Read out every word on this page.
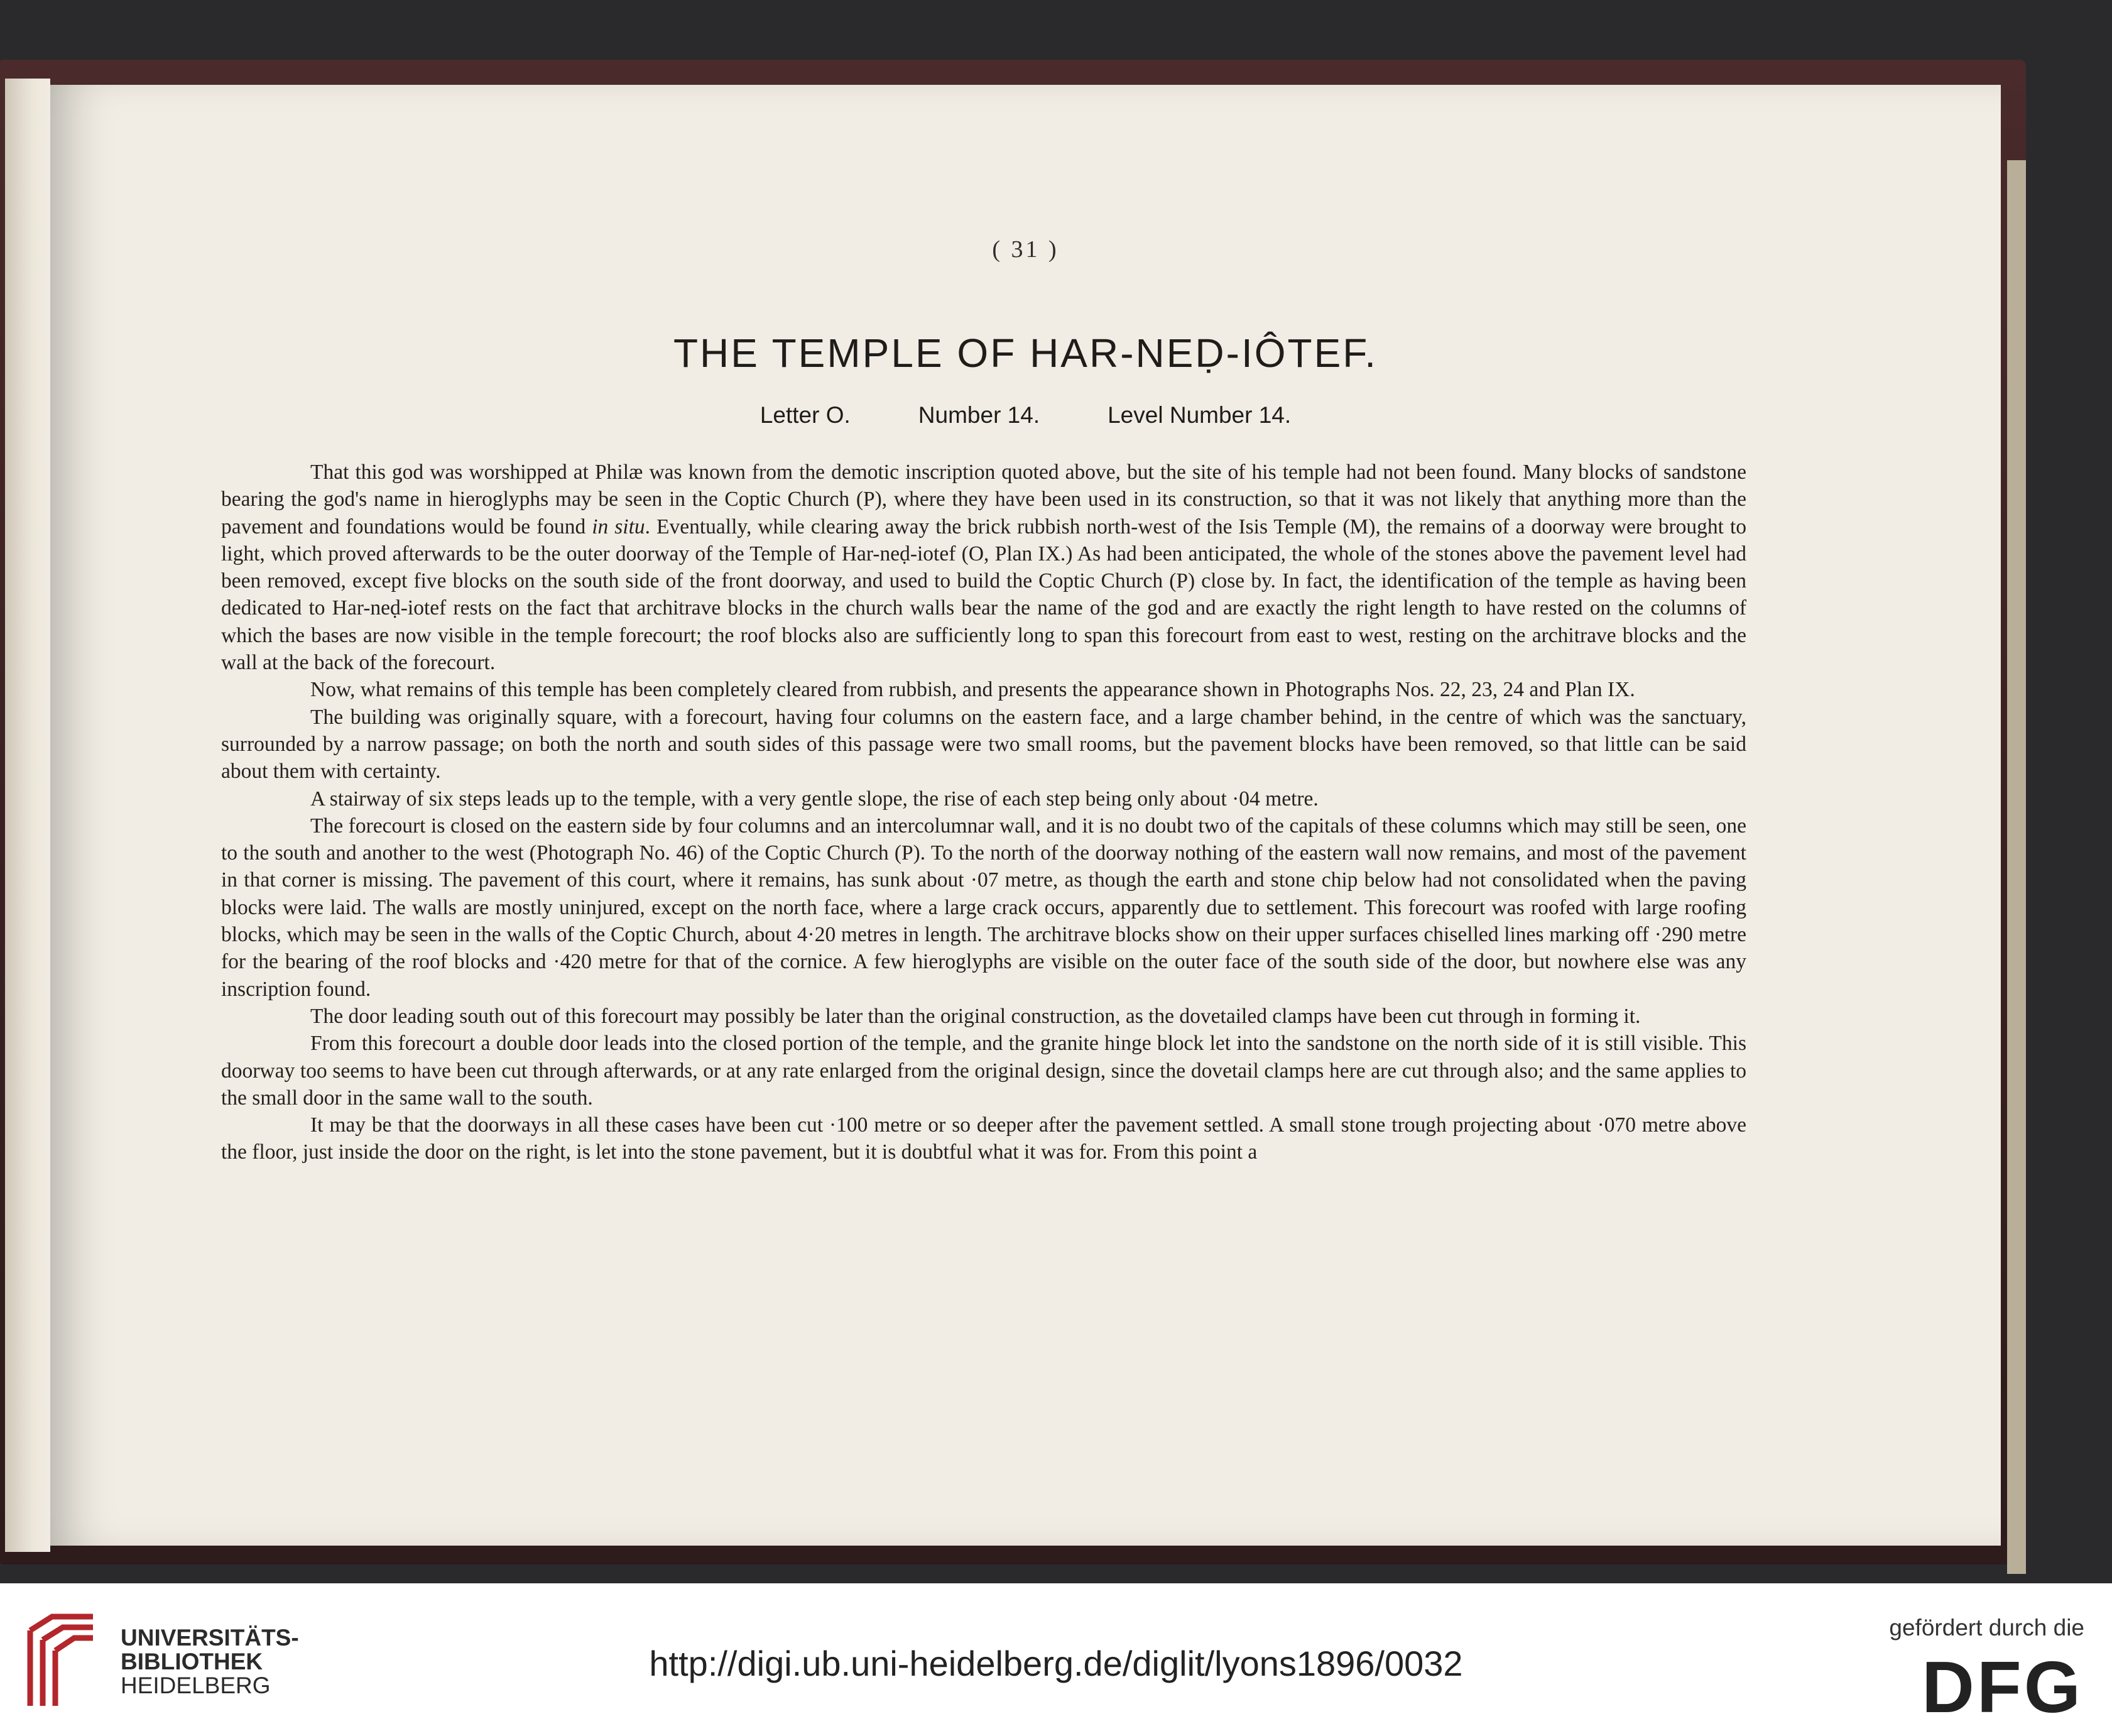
( 31 )
THE TEMPLE OF HAR-NEḌ-IÔTEF.
Letter O.	Number 14.	Level Number 14.

That this god was worshipped at Philæ was known from the demotic inscription quoted above, but the site of his temple had not been found. Many blocks of sandstone bearing the god's name in hieroglyphs may be seen in the Coptic Church (P), where they have been used in its construction, so that it was not likely that anything more than the pavement and foundations would be found in situ. Eventually, while clearing away the brick rubbish north-west of the Isis Temple (M), the remains of a doorway were brought to light, which proved afterwards to be the outer doorway of the Temple of Har-neḍ-iotef (O, Plan IX.) As had been anticipated, the whole of the stones above the pavement level had been removed, except five blocks on the south side of the front doorway, and used to build the Coptic Church (P) close by. In fact, the identification of the temple as having been dedicated to Har-neḍ-iotef rests on the fact that architrave blocks in the church walls bear the name of the god and are exactly the right length to have rested on the columns of which the bases are now visible in the temple forecourt; the roof blocks also are sufficiently long to span this forecourt from east to west, resting on the architrave blocks and the wall at the back of the forecourt.

Now, what remains of this temple has been completely cleared from rubbish, and presents the appearance shown in Photographs Nos. 22, 23, 24 and Plan IX.

The building was originally square, with a forecourt, having four columns on the eastern face, and a large chamber behind, in the centre of which was the sanctuary, surrounded by a narrow passage; on both the north and south sides of this passage were two small rooms, but the pavement blocks have been removed, so that little can be said about them with certainty.

A stairway of six steps leads up to the temple, with a very gentle slope, the rise of each step being only about ·04 metre.

The forecourt is closed on the eastern side by four columns and an intercolumnar wall, and it is no doubt two of the capitals of these columns which may still be seen, one to the south and another to the west (Photograph No. 46) of the Coptic Church (P). To the north of the doorway nothing of the eastern wall now remains, and most of the pavement in that corner is missing. The pavement of this court, where it remains, has sunk about ·07 metre, as though the earth and stone chip below had not consolidated when the paving blocks were laid. The walls are mostly uninjured, except on the north face, where a large crack occurs, apparently due to settlement. This forecourt was roofed with large roofing blocks, which may be seen in the walls of the Coptic Church, about 4·20 metres in length. The architrave blocks show on their upper surfaces chiselled lines marking off ·290 metre for the bearing of the roof blocks and ·420 metre for that of the cornice. A few hieroglyphs are visible on the outer face of the south side of the door, but nowhere else was any inscription found.

The door leading south out of this forecourt may possibly be later than the original construction, as the dovetailed clamps have been cut through in forming it.

From this forecourt a double door leads into the closed portion of the temple, and the granite hinge block let into the sandstone on the north side of it is still visible. This doorway too seems to have been cut through afterwards, or at any rate enlarged from the original design, since the dovetail clamps here are cut through also; and the same applies to the small door in the same wall to the south.

It may be that the doorways in all these cases have been cut ·100 metre or so deeper after the pavement settled. A small stone trough projecting about ·070 metre above the floor, just inside the door on the right, is let into the stone pavement, but it is doubtful what it was for. From this point a

UNIVERSITÄTS-
BIBLIOTHEK
HEIDELBERG
http://digi.ub.uni-heidelberg.de/diglit/lyons1896/0032
gefördert durch die
DFG
